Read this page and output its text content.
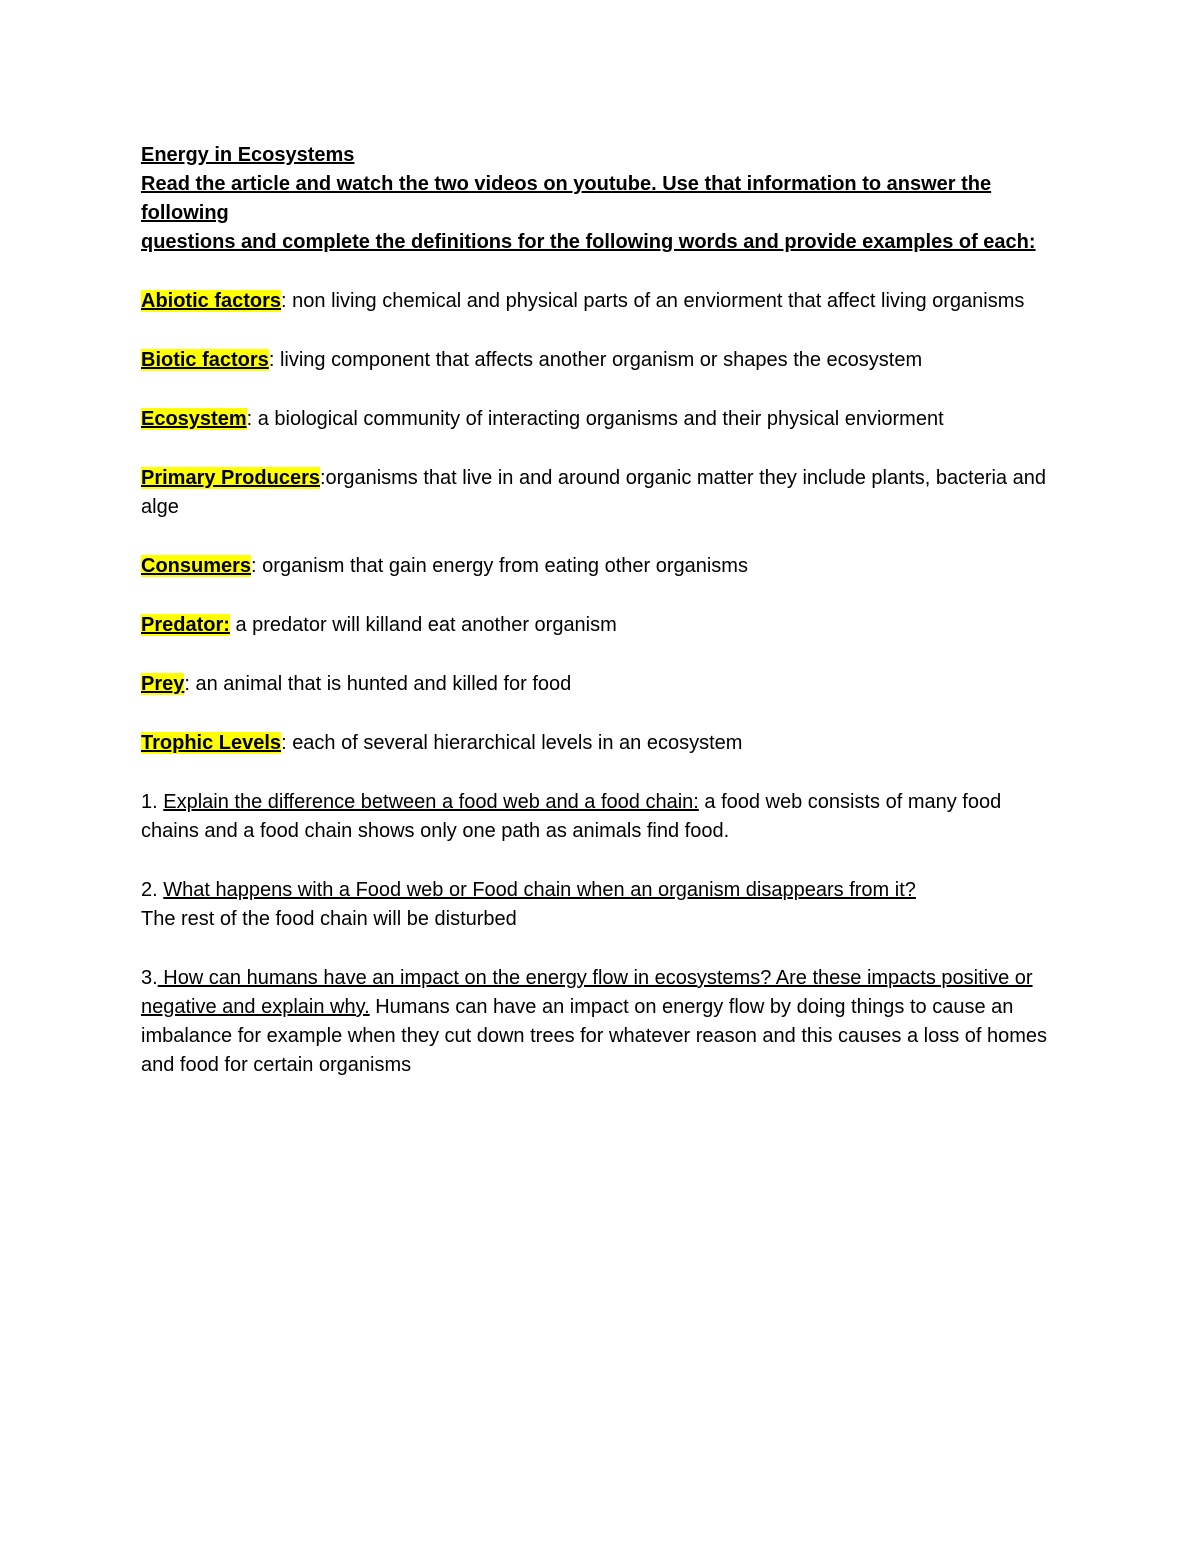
Energy in Ecosystems

Read the article and watch the two videos on youtube. Use that information to answer the following

questions and complete the definitions for the following words and provide examples of each:

Abiotic factors: non living chemical and physical parts of an enviorment that affect living organisms

Biotic factors: living component that affects another organism or shapes the ecosystem

Ecosystem: a biological community of interacting organisms and their physical enviorment

Primary Producers:organisms that live in and around organic matter they include plants, bacteria and alge

Consumers: organism that gain energy from eating other organisms

Predator: a predator will killand eat another organism

Prey: an animal that is hunted and killed for food

Trophic Levels: each of several hierarchical levels in an ecosystem

1. Explain the difference between a food web and a food chain: a food web consists of many food chains and a food chain shows only one path as animals find food.

2. What happens with a Food web or Food chain when an organism disappears from it?
The rest of the food chain will be disturbed

3. How can humans have an impact on the energy flow in ecosystems? Are these impacts positive or negative and explain why. Humans can have an impact on energy flow by doing things to cause an imbalance for example when they cut down trees for whatever reason and this causes a loss of homes and food for certain organisms
